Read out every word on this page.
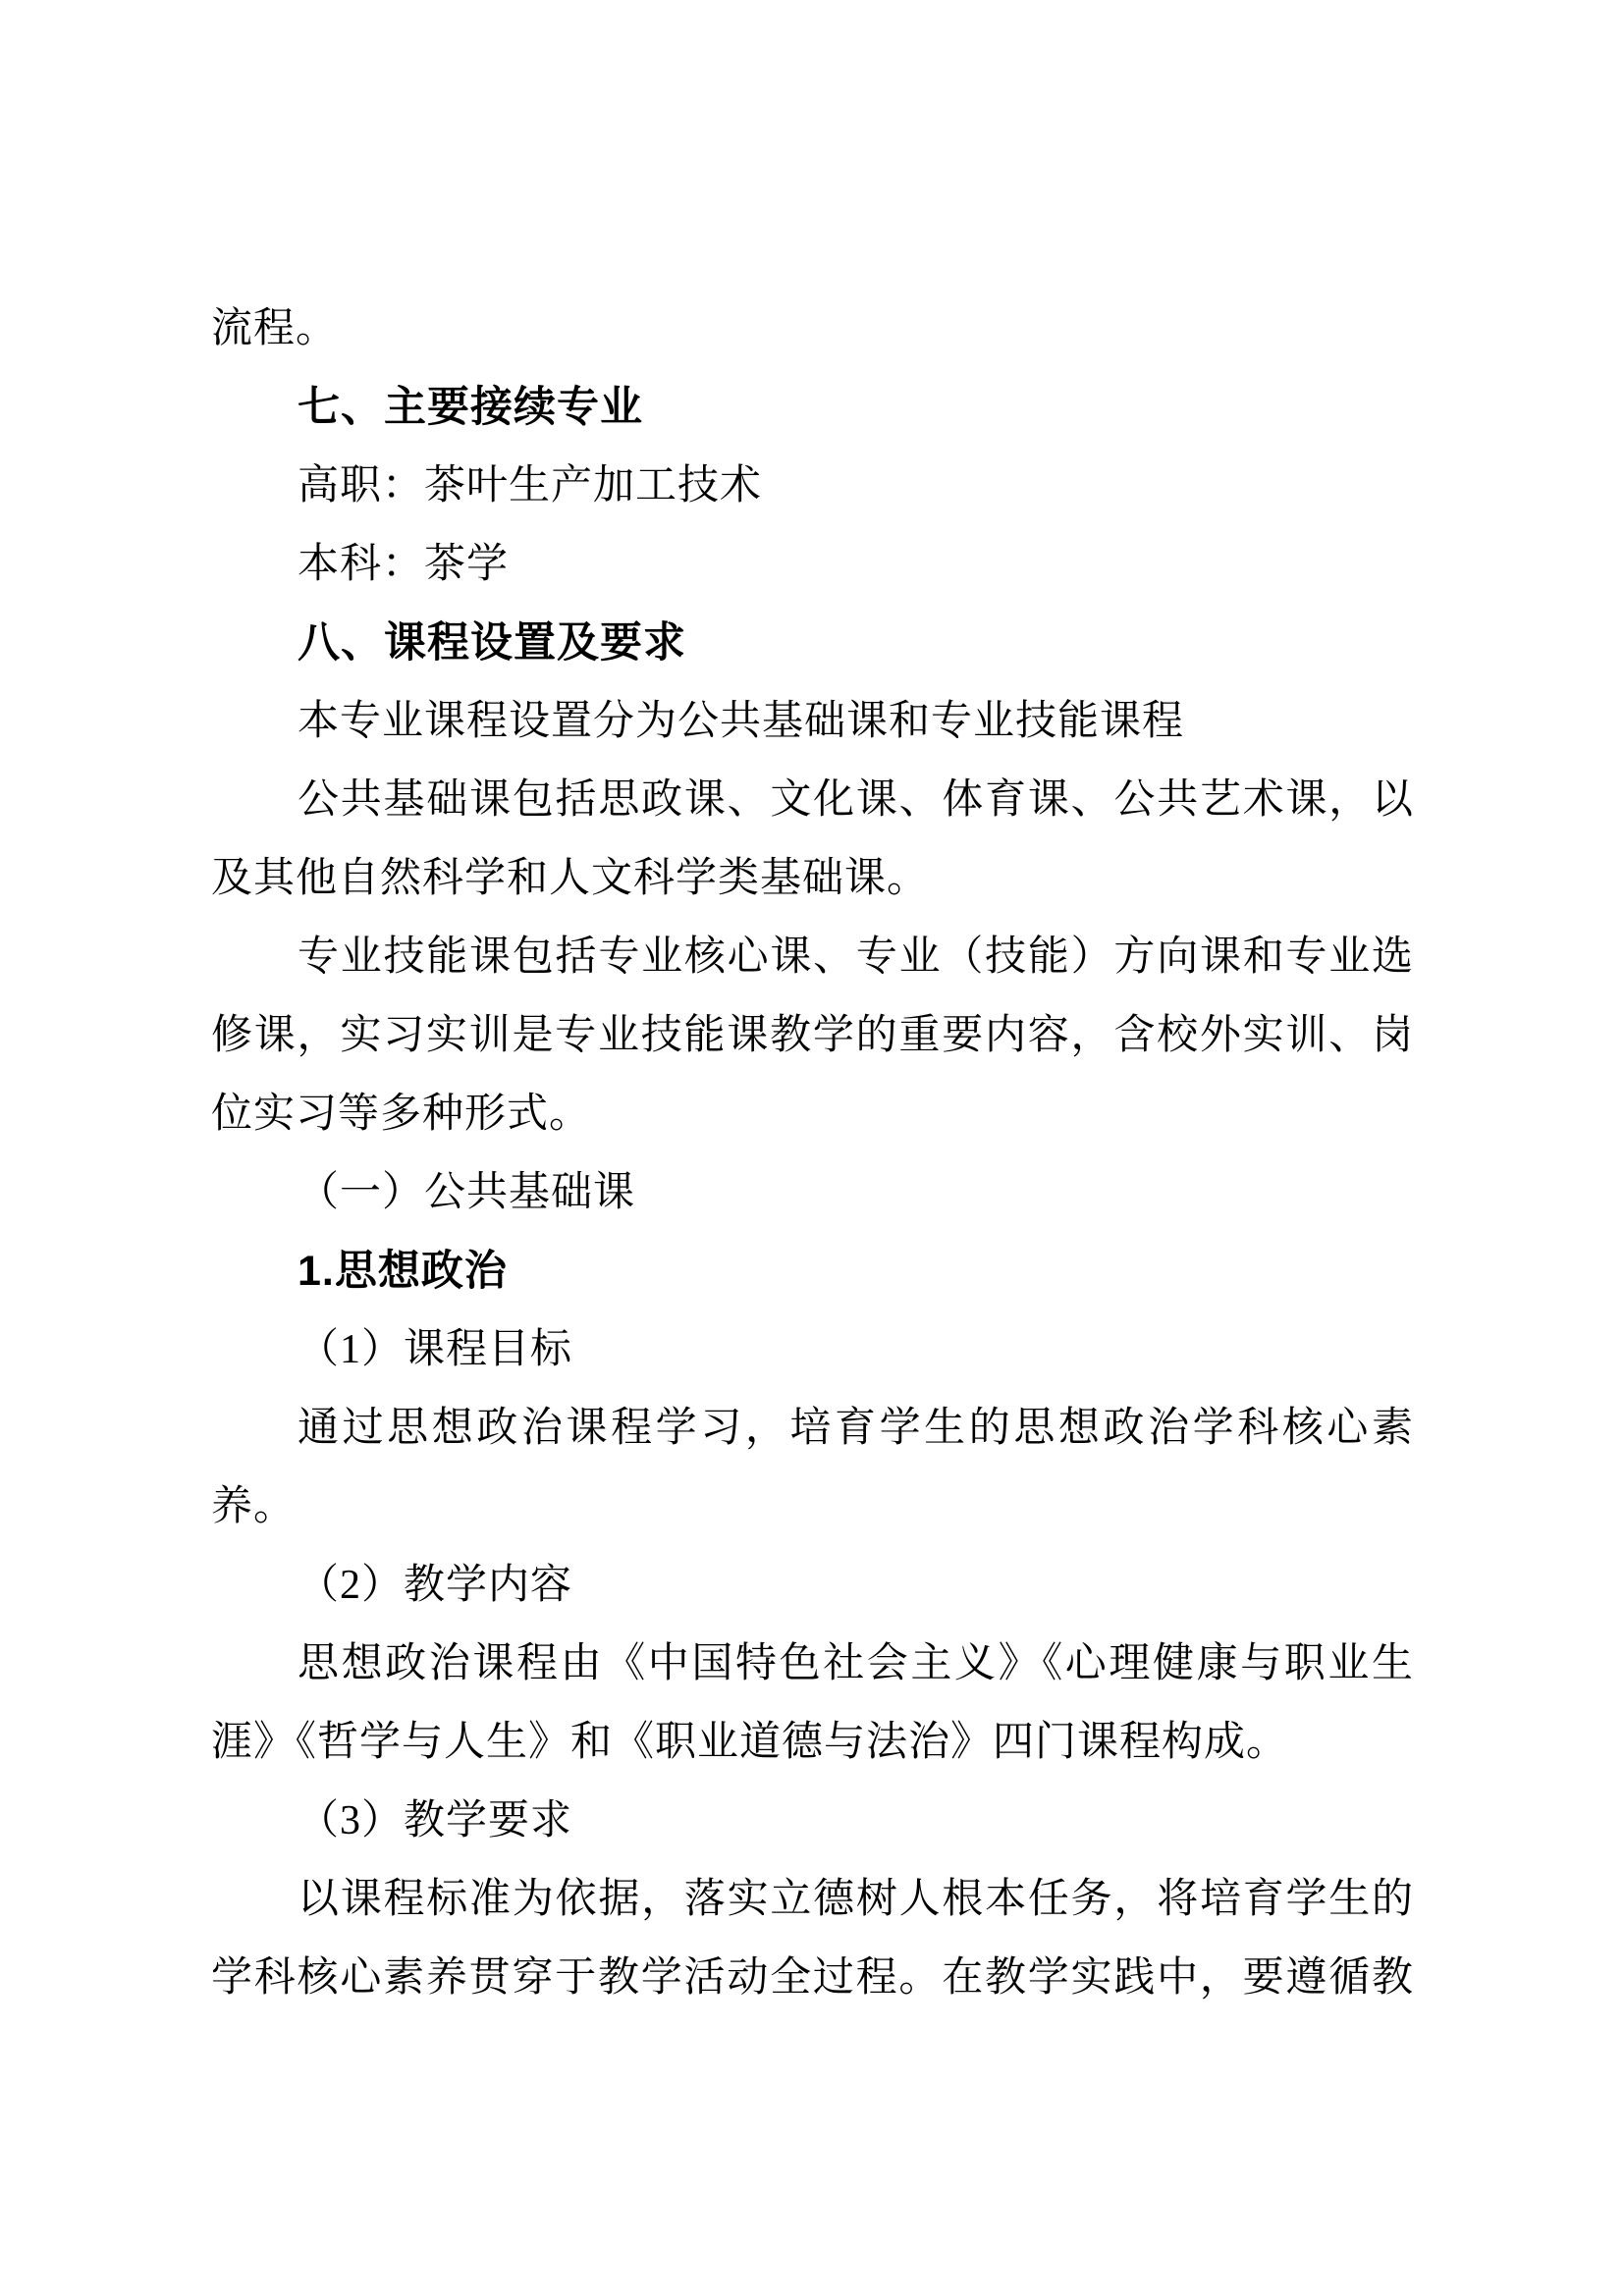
流程。
七、主要接续专业
高职：茶叶生产加工技术
本科：茶学
八、课程设置及要求
本专业课程设置分为公共基础课和专业技能课程
公共基础课包括思政课、文化课、体育课、公共艺术课，以
及其他自然科学和人文科学类基础课。
专业技能课包括专业核心课、专业（技能）方向课和专业选
修课，实习实训是专业技能课教学的重要内容，含校外实训、岗
位实习等多种形式。
（一）公共基础课
1.思想政治
（1）课程目标
通过思想政治课程学习，培育学生的思想政治学科核心素
养。
（2）教学内容
思想政治课程由《中国特色社会主义》《心理健康与职业生
涯》《哲学与人生》和《职业道德与法治》四门课程构成。
（3）教学要求
以课程标准为依据，落实立德树人根本任务，将培育学生的
学科核心素养贯穿于教学活动全过程。在教学实践中，要遵循教
